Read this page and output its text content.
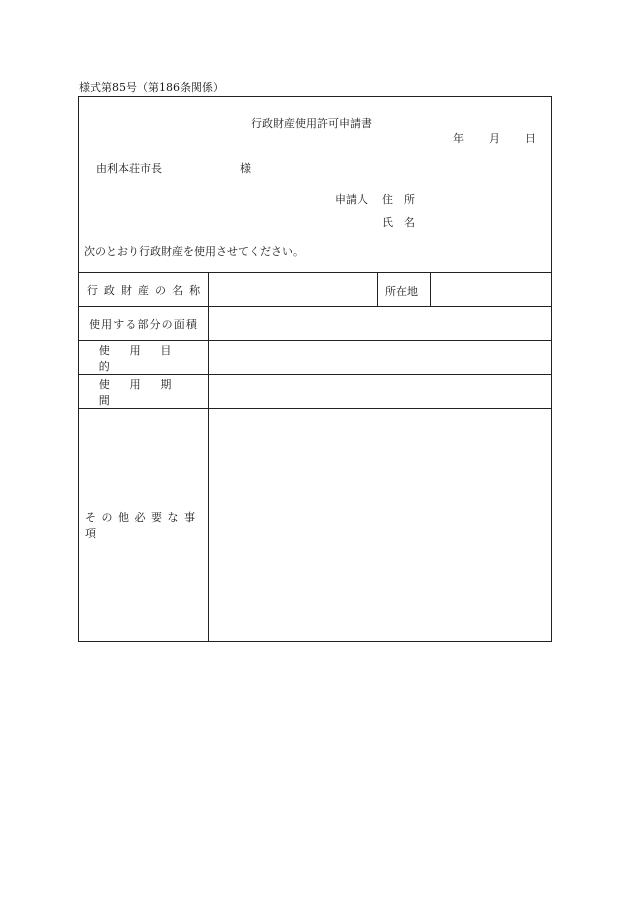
様式第85号（第186条関係）
行政財産使用許可申請書
年 月 日
由利本荘市長	様
申請人 住　所
氏　名
次のとおり行政財産を使用させてください。
行政財産の名称	所在地
使用する部分の面積
使用目的
使用期間
その他必要な事項
